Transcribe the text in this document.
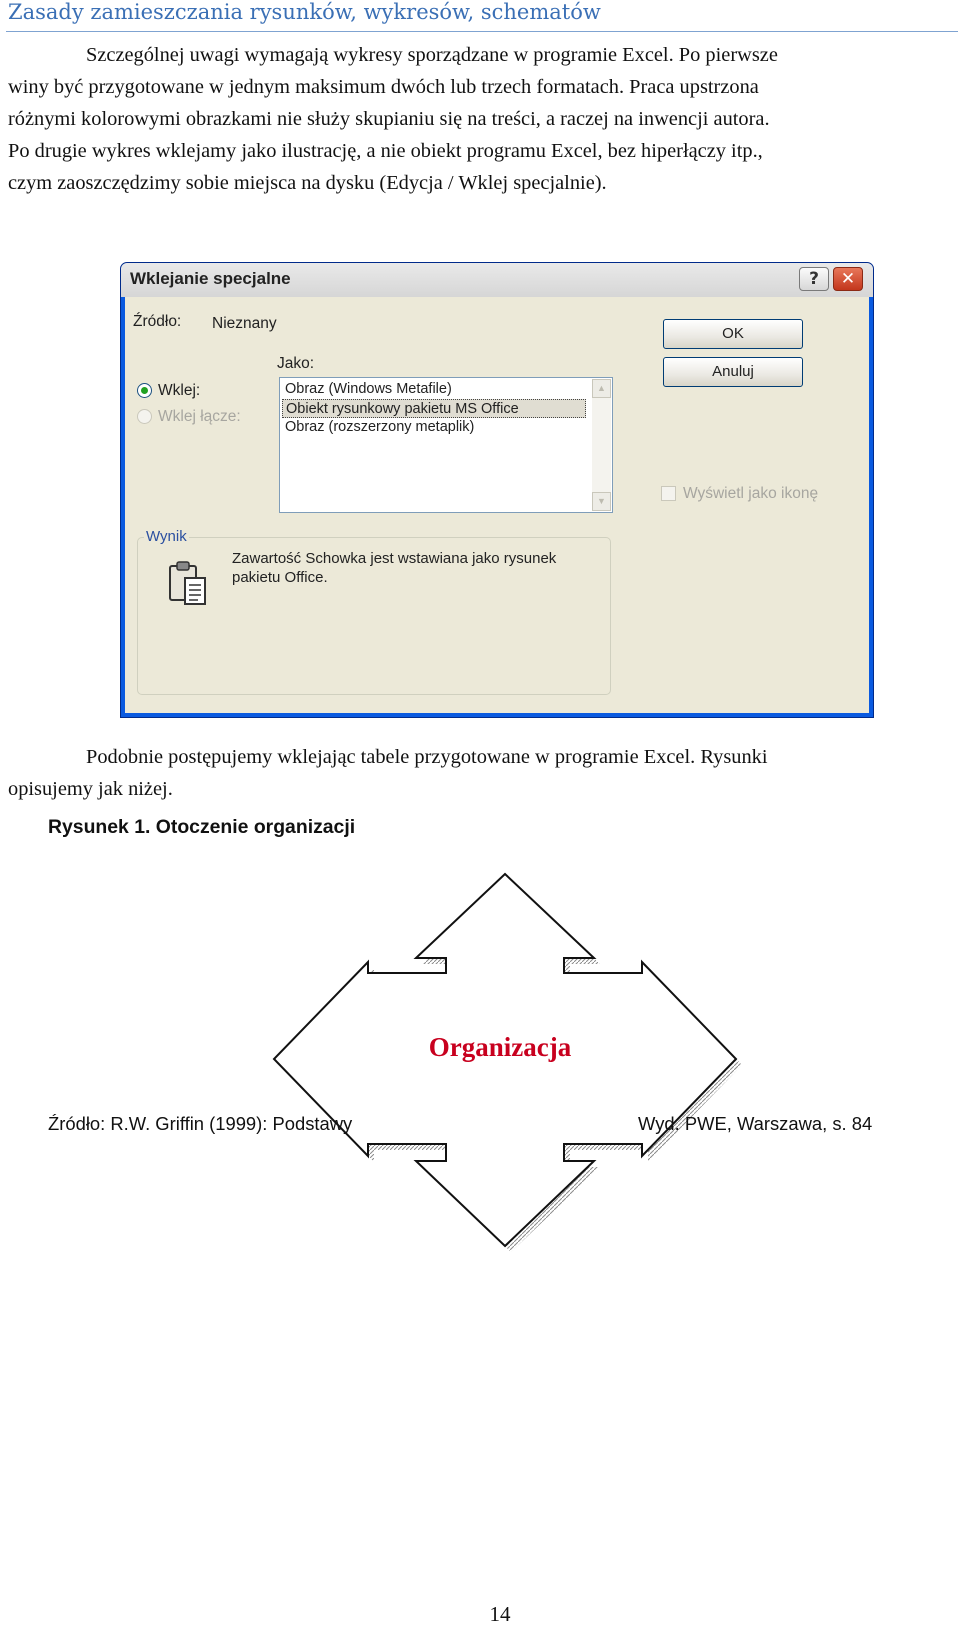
Zasady zamieszczania rysunków, wykresów, schematów
Szczególnej uwagi wymagają wykresy sporządzane w programie Excel. Po pierwsze
winy być przygotowane w jednym maksimum dwóch lub trzech formatach. Praca upstrzona
różnymi kolorowymi obrazkami nie służy skupianiu się na treści, a raczej na inwencji autora.
Po drugie wykres wklejamy jako ilustrację, a nie obiekt programu Excel, bez hiperłączy itp.,
czym zaoszczędzimy sobie miejsca na dysku (Edycja / Wklej specjalnie).
Wklejanie specjalne	?	✕
Źródło: Nieznany
OK
Anuluj
Jako:
Wklej:
Wklej łącze:
Obraz (Windows Metafile)
Obiekt rysunkowy pakietu MS Office
Obraz (rozszerzony metaplik)
▲
▼	Wyświetl jako ikonę
Wynik
Zawartość Schowka jest wstawiana jako rysunek
pakietu Office.
Podobnie postępujemy wklejając tabele przygotowane w programie Excel. Rysunki
opisujemy jak niżej.
Rysunek 1. Otoczenie organizacji
Organizacja
Źródło: R.W. Griffin (1999): Podstawy	Wyd. PWE, Warszawa, s. 84
14
